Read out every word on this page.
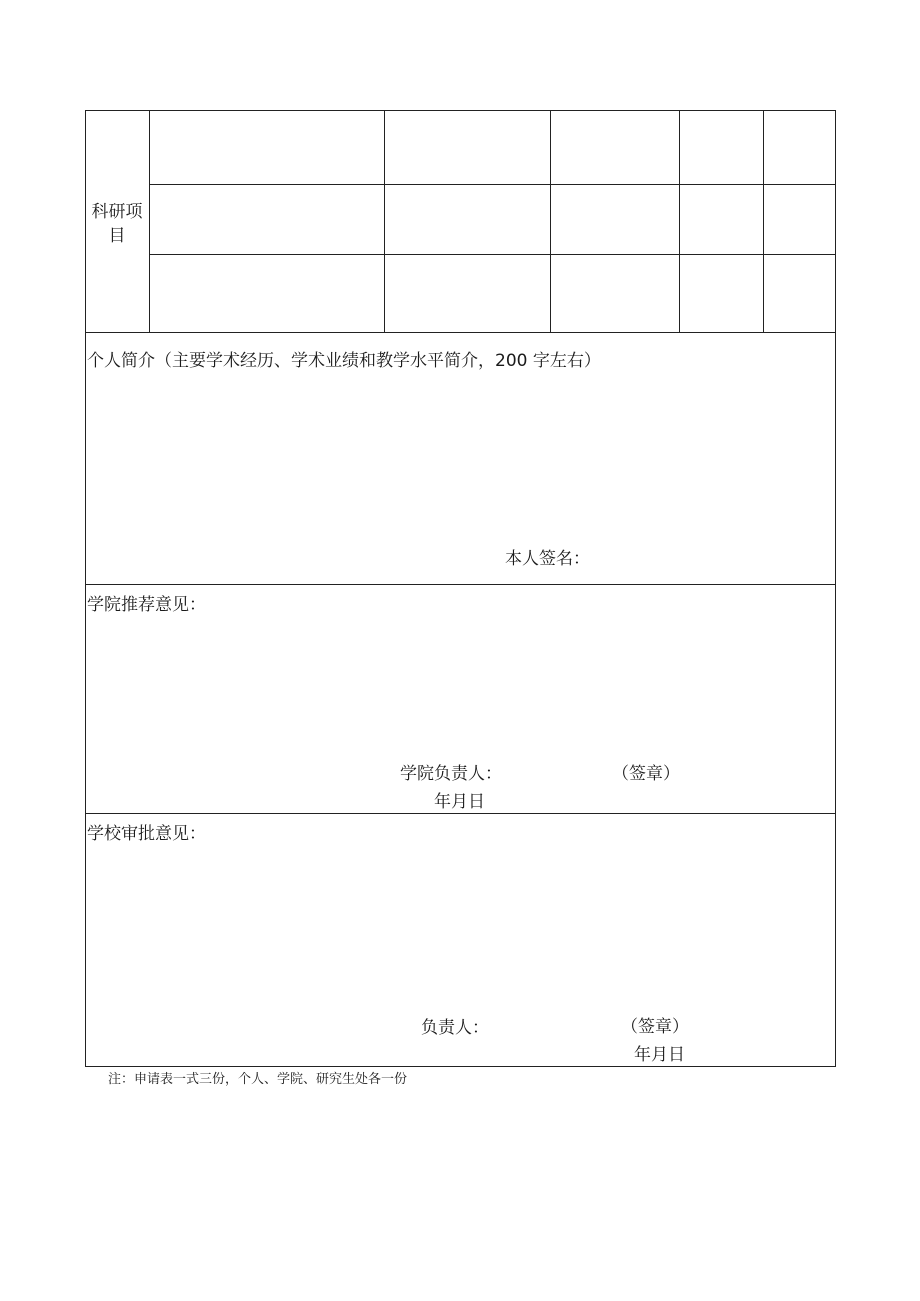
科研项目
个人简介（主要学术经历、学术业绩和教学水平简介，200 字左右）
本人签名：
学院推荐意见：
学院负责人：	（签章）
年月日
学校审批意见：
负责人：	（签章）
年月日
注：申请表一式三份，个人、学院、研究生处各一份
